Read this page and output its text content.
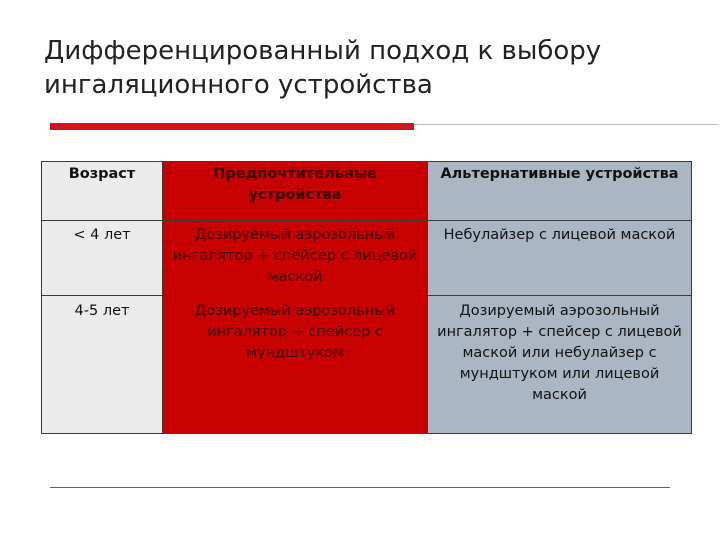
Дифференцированный подход к выбору ингаляционного устройства
Возраст	Предпочтительные устройства	Альтернативные устройства
< 4 лет	Дозируемый аэрозольный ингалятор + спейсер с лицевой маской	Небулайзер с лицевой маской
4-5 лет	Дозируемый аэрозольный ингалятор + спейсер с мундштуком	Дозируемый аэрозольный ингалятор + спейсер с лицевой маской или небулайзер с мундштуком или лицевой маской
